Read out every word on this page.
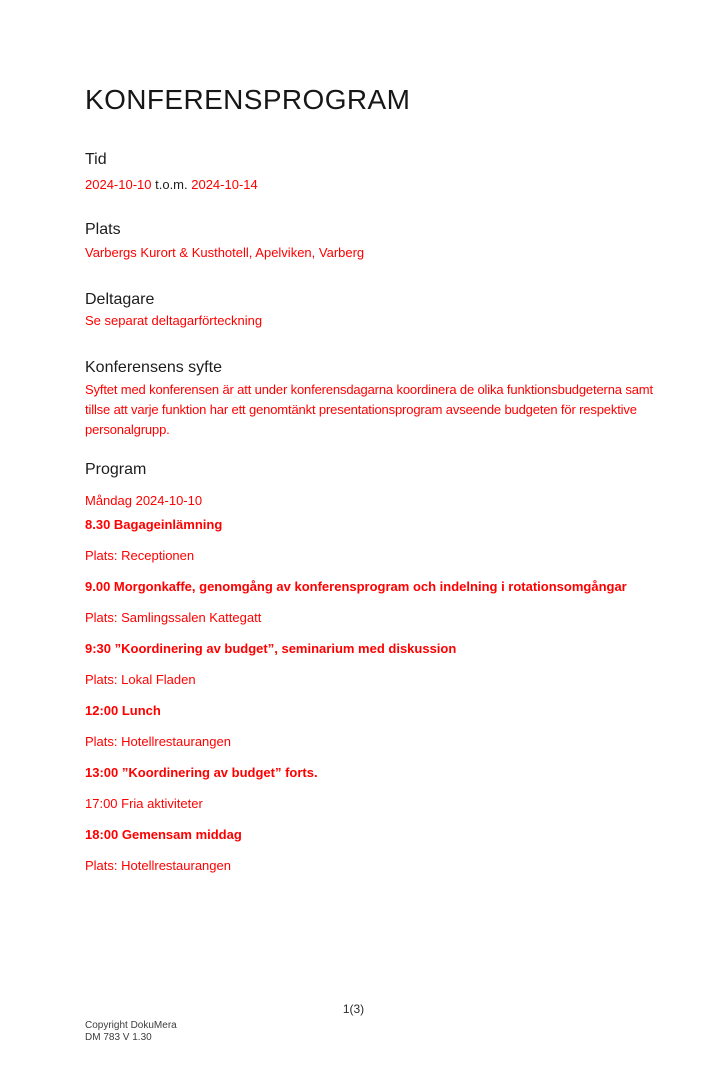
KONFERENSPROGRAM
Tid
2024-10-10 t.o.m. 2024-10-14
Plats
Varbergs Kurort & Kusthotell, Apelviken, Varberg
Deltagare
Se separat deltagarförteckning
Konferensens syfte

Syftet med konferensen är att under konferensdagarna koordinera de olika funktionsbudgeterna samt tillse att varje funktion har ett genomtänkt presentationsprogram avseende budgeten för respektive personalgrupp.

Program
Måndag 2024-10-10
8.30 Bagageinlämning
Plats: Receptionen
9.00 Morgonkaffe, genomgång av konferensprogram och indelning i rotationsomgångar
Plats: Samlingssalen Kattegatt
9:30 ”Koordinering av budget”, seminarium med diskussion
Plats: Lokal Fladen
12:00 Lunch
Plats: Hotellrestaurangen
13:00 ”Koordinering av budget” forts.
17:00 Fria aktiviteter
18:00 Gemensam middag
Plats: Hotellrestaurangen
1(3)
Copyright DokuMera
DM 783 V 1.30
